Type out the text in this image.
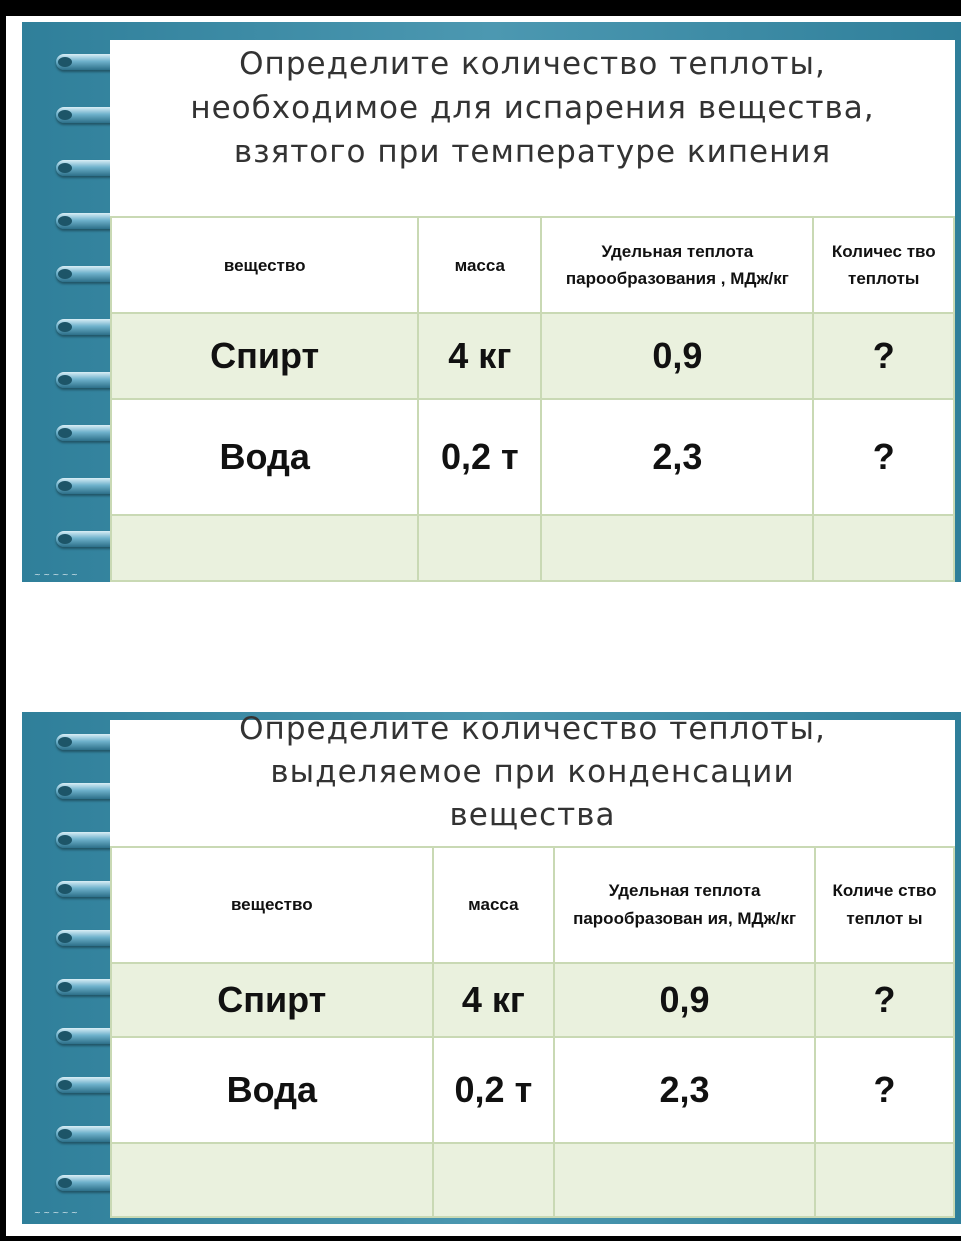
Определите количество теплоты,
необходимое для испарения вещества,
взятого при температуре кипения
вещество	масса	Удельная теплота парообразования , МДж/кг	Количес тво теплоты
Спирт	4 кг	0,9	?
Вода	0,2 т	2,3	?

~ ~ ~ ~ ~
Определите количество теплоты,
выделяемое при конденсации
вещества
вещество	масса	Удельная теплота парообразован ия, МДж/кг	Количе ство теплот ы
Спирт	4 кг	0,9	?
Вода	0,2 т	2,3	?

~ ~ ~ ~ ~
